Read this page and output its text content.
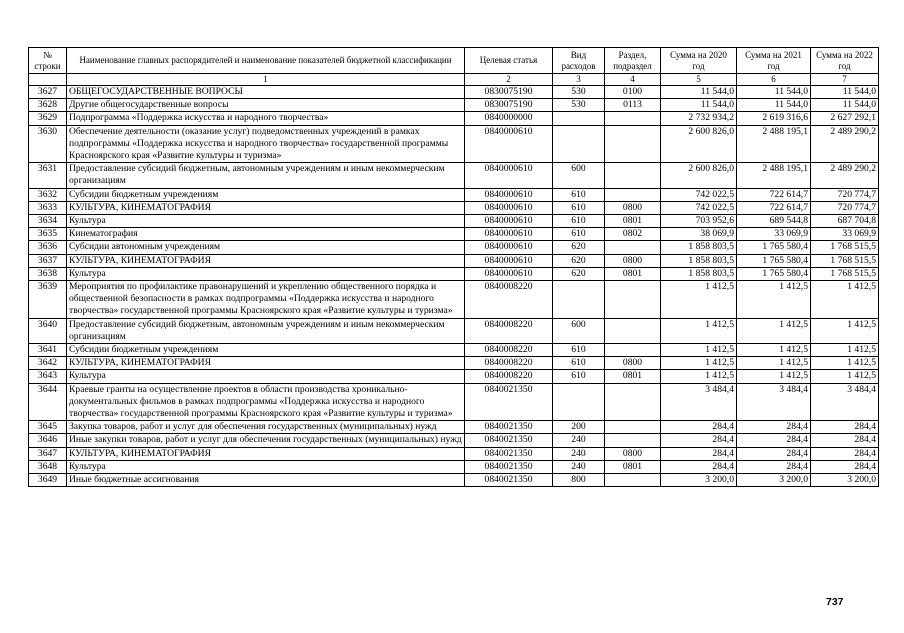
№ строки	Наименование главных распорядителей и наименование показателей бюджетной классификации	Целевая статья	Вид расходов	Раздел, подраздел	Сумма на 2020 год	Сумма на 2021 год	Сумма на 2022 год
	1	2	3	4	5	6	7
3627	ОБЩЕГОСУДАРСТВЕННЫЕ ВОПРОСЫ	0830075190	530	0100	11 544,0	11 544,0	11 544,0
3628	Другие общегосударственные вопросы	0830075190	530	0113	11 544,0	11 544,0	11 544,0
3629	Подпрограмма «Поддержка искусства и народного творчества»	0840000000			2 732 934,2	2 619 316,6	2 627 292,1
3630	Обеспечение деятельности (оказание услуг) подведомственных учреждений в рамках подпрограммы «Поддержка искусства и народного творчества» государственной программы Красноярского края «Развитие культуры и туризма»	0840000610			2 600 826,0	2 488 195,1	2 489 290,2
3631	Предоставление субсидий бюджетным, автономным учреждениям и иным некоммерческим организациям	0840000610	600		2 600 826,0	2 488 195,1	2 489 290,2
3632	Субсидии бюджетным учреждениям	0840000610	610		742 022,5	722 614,7	720 774,7
3633	КУЛЬТУРА, КИНЕМАТОГРАФИЯ	0840000610	610	0800	742 022,5	722 614,7	720 774,7
3634	Культура	0840000610	610	0801	703 952,6	689 544,8	687 704,8
3635	Кинематография	0840000610	610	0802	38 069,9	33 069,9	33 069,9
3636	Субсидии автономным учреждениям	0840000610	620		1 858 803,5	1 765 580,4	1 768 515,5
3637	КУЛЬТУРА, КИНЕМАТОГРАФИЯ	0840000610	620	0800	1 858 803,5	1 765 580,4	1 768 515,5
3638	Культура	0840000610	620	0801	1 858 803,5	1 765 580,4	1 768 515,5
3639	Мероприятия по профилактике правонарушений и укреплению общественного порядка и общественной безопасности в рамках подпрограммы «Поддержка искусства и народного творчества» государственной программы Красноярского края «Развитие культуры и туризма»	0840008220			1 412,5	1 412,5	1 412,5
3640	Предоставление субсидий бюджетным, автономным учреждениям и иным некоммерческим организациям	0840008220	600		1 412,5	1 412,5	1 412,5
3641	Субсидии бюджетным учреждениям	0840008220	610		1 412,5	1 412,5	1 412,5
3642	КУЛЬТУРА, КИНЕМАТОГРАФИЯ	0840008220	610	0800	1 412,5	1 412,5	1 412,5
3643	Культура	0840008220	610	0801	1 412,5	1 412,5	1 412,5
3644	Краевые гранты на осуществление проектов в области производства хроникально-документальных фильмов в рамках подпрограммы «Поддержка искусства и народного творчества» государственной программы Красноярского края «Развитие культуры и туризма»	0840021350			3 484,4	3 484,4	3 484,4
3645	Закупка товаров, работ и услуг для обеспечения государственных (муниципальных) нужд	0840021350	200		284,4	284,4	284,4
3646	Иные закупки товаров, работ и услуг для обеспечения государственных (муниципальных) нужд	0840021350	240		284,4	284,4	284,4
3647	КУЛЬТУРА, КИНЕМАТОГРАФИЯ	0840021350	240	0800	284,4	284,4	284,4
3648	Культура	0840021350	240	0801	284,4	284,4	284,4
3649	Иные бюджетные ассигнования	0840021350	800		3 200,0	3 200,0	3 200,0
737
